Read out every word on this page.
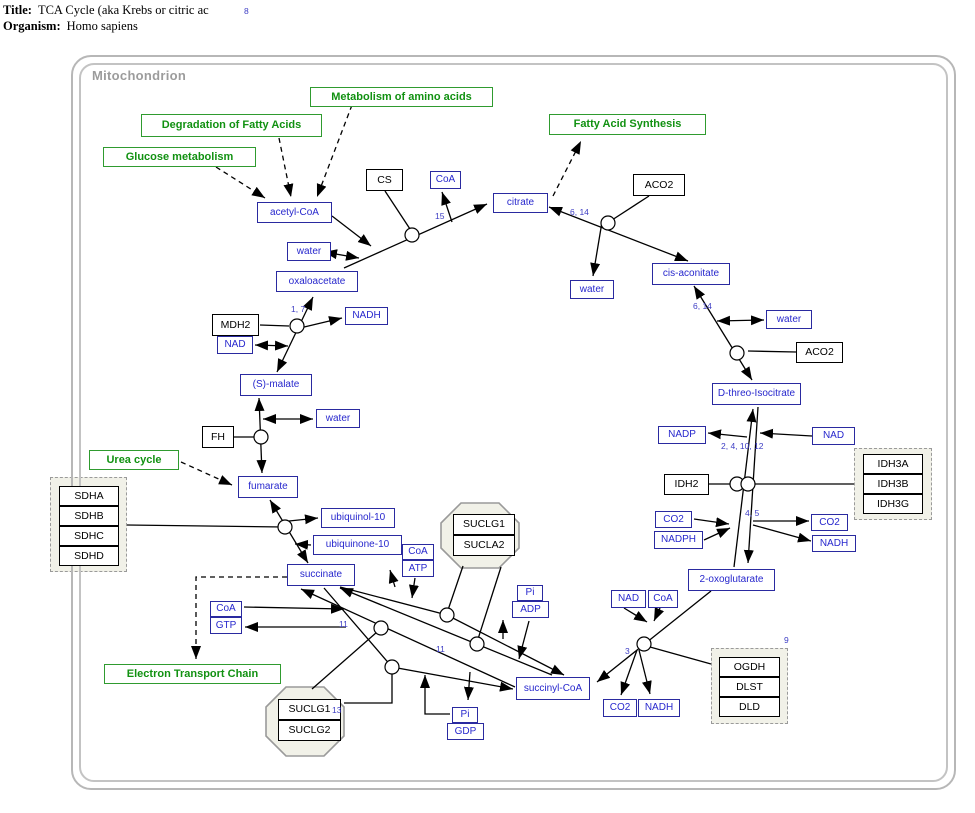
Title: TCA Cycle (aka Krebs or citric ac
Organism: Homo sapiens
Mitochondrion
acetyl-CoA
CoA
citrate
water
cis-aconitate
water
D-threo-Isocitrate
NADP	NAD
CO2
NADPH
CO2
NADH
2-oxoglutarate
NAD	CoA
CO2	NADH
succinyl-CoA
Pi
ADP
Pi
GDP
CoA
ATP
succinate
CoA
GTP
ubiquinol-10
ubiquinone-10
fumarate
water
(S)-malate
NAD
NADH
water
oxaloacetate
CS	ACO2
ACO2
IDH2
MDH2
FH
Metabolism of amino acids
Degradation of Fatty Acids
Glucose metabolism
Fatty Acid Synthesis
Urea cycle
Electron Transport Chain
SDHA
SDHB
SDHC
SDHD
IDH3A
IDH3B
IDH3G
OGDH
DLST
DLD
SUCLG1
SUCLA2
SUCLG1
SUCLG2
8
15	6, 14
6, 14
1, 7
2, 4, 10, 12
4, 5
3
11
11
9
13
